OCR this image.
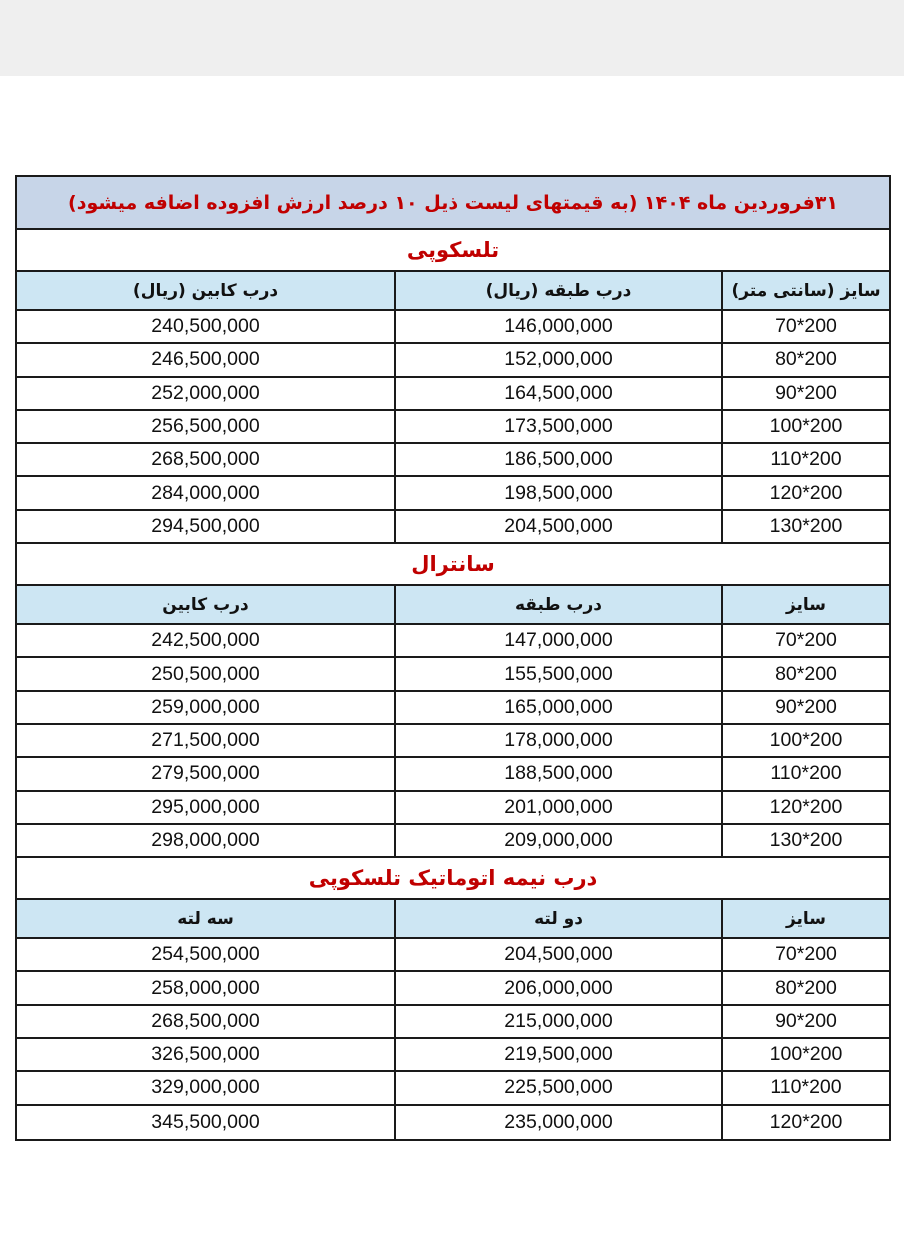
۳۱فروردین ماه ۱۴۰۴ (به قیمتهای لیست ذیل ۱۰ درصد ارزش افزوده اضافه میشود)
تلسکوپی
سایز (سانتی متر)
درب طبقه (ریال)
درب کابین (ریال)
70*200
146,000,000
240,500,000
80*200
152,000,000
246,500,000
90*200
164,500,000
252,000,000
100*200
173,500,000
256,500,000
110*200
186,500,000
268,500,000
120*200
198,500,000
284,000,000
130*200
204,500,000
294,500,000
سانترال
سایز
درب طبقه
درب کابین
70*200
147,000,000
242,500,000
80*200
155,500,000
250,500,000
90*200
165,000,000
259,000,000
100*200
178,000,000
271,500,000
110*200
188,500,000
279,500,000
120*200
201,000,000
295,000,000
130*200
209,000,000
298,000,000
درب نیمه اتوماتیک تلسکوپی
سایز
دو لته
سه لته
70*200
204,500,000
254,500,000
80*200
206,000,000
258,000,000
90*200
215,000,000
268,500,000
100*200
219,500,000
326,500,000
110*200
225,500,000
329,000,000
120*200
235,000,000
345,500,000
